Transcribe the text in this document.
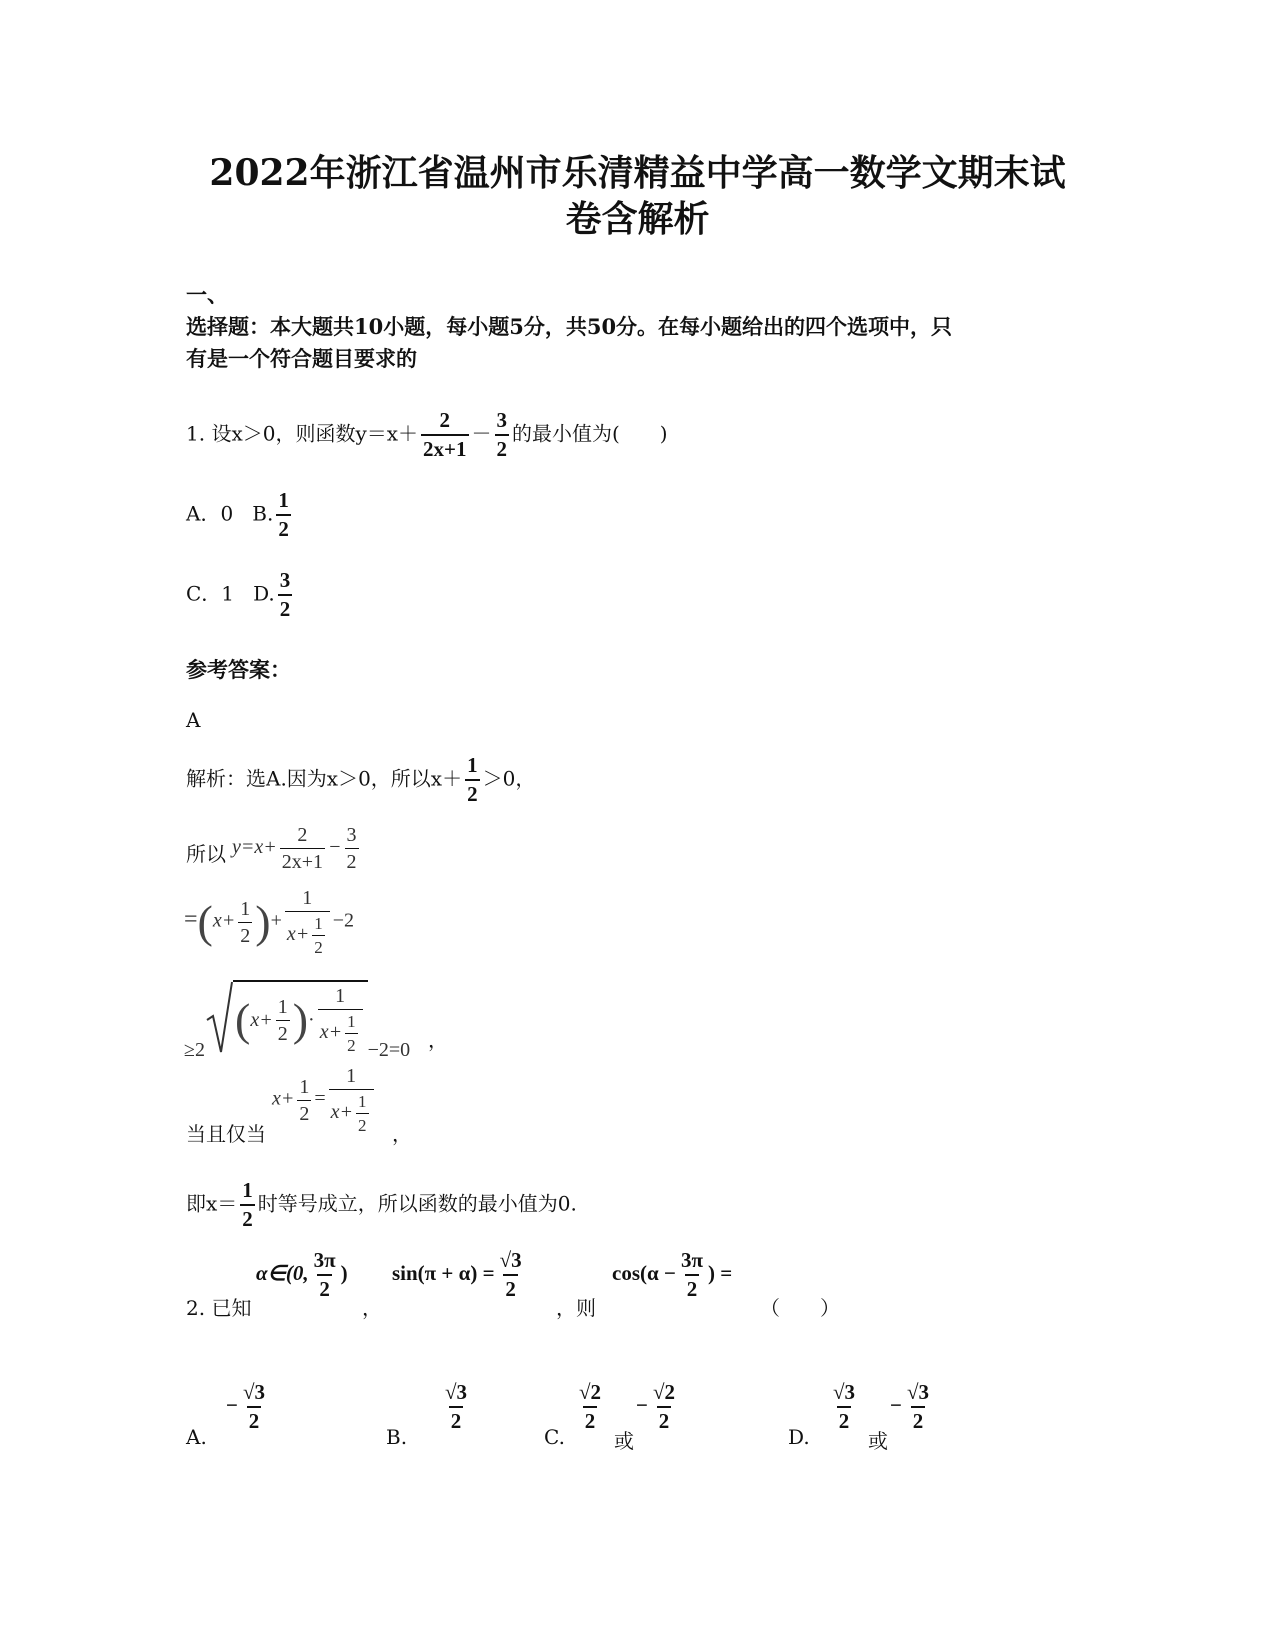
2022年浙江省温州市乐清精益中学高一数学文期末试
卷含解析
一、
选择题：本大题共10小题，每小题5分，共50分。在每小题给出的四个选项中，只
有是一个符合题目要求的
1. 设x＞0，则函数$y=x+ \frac{2}{2x+1} - \frac{3}{2}$ 的最小值为(　　)
A．0 B. $\frac{1}{2}$
C．1 D. $\frac{3}{2}$
参考答案：
A
解析：选A.因为x＞0，所以$x+ \frac{1}{2} >0$，
所以 $y=x+ \frac{2}{2x+1} - \frac{3}{2}$
$=(x+ \frac{1}{2}$ )+ $\frac{1}{x+ \frac{1}{2}} -2$
≥2
( $x+ \frac{1}{2}$ ) · $\frac{1}{x+ \frac{1}{2}} -2=0$ ，
当且仅当
$x+ \frac{1}{2} = \frac{1}{x+ \frac{1}{2}}$ ，
即$x= \frac{1}{2}$ 时等号成立，所以函数的最小值为0.
2. 已知
α∈(0, $\frac{3\pi}{2}$ )
，
$\sin(\pi + \alpha) = \frac{√3}{2}$
，则
$\cos(\alpha - \frac{3\pi}{2}$ ) =
（　　）
A.
− $\frac{√3}{2}$
B.
$\frac{√3}{2}$
C.
$\frac{√2}{2}$
或
− $\frac{√2}{2}$
D.
$\frac{√3}{2}$
或
− $\frac{√3}{2}$
